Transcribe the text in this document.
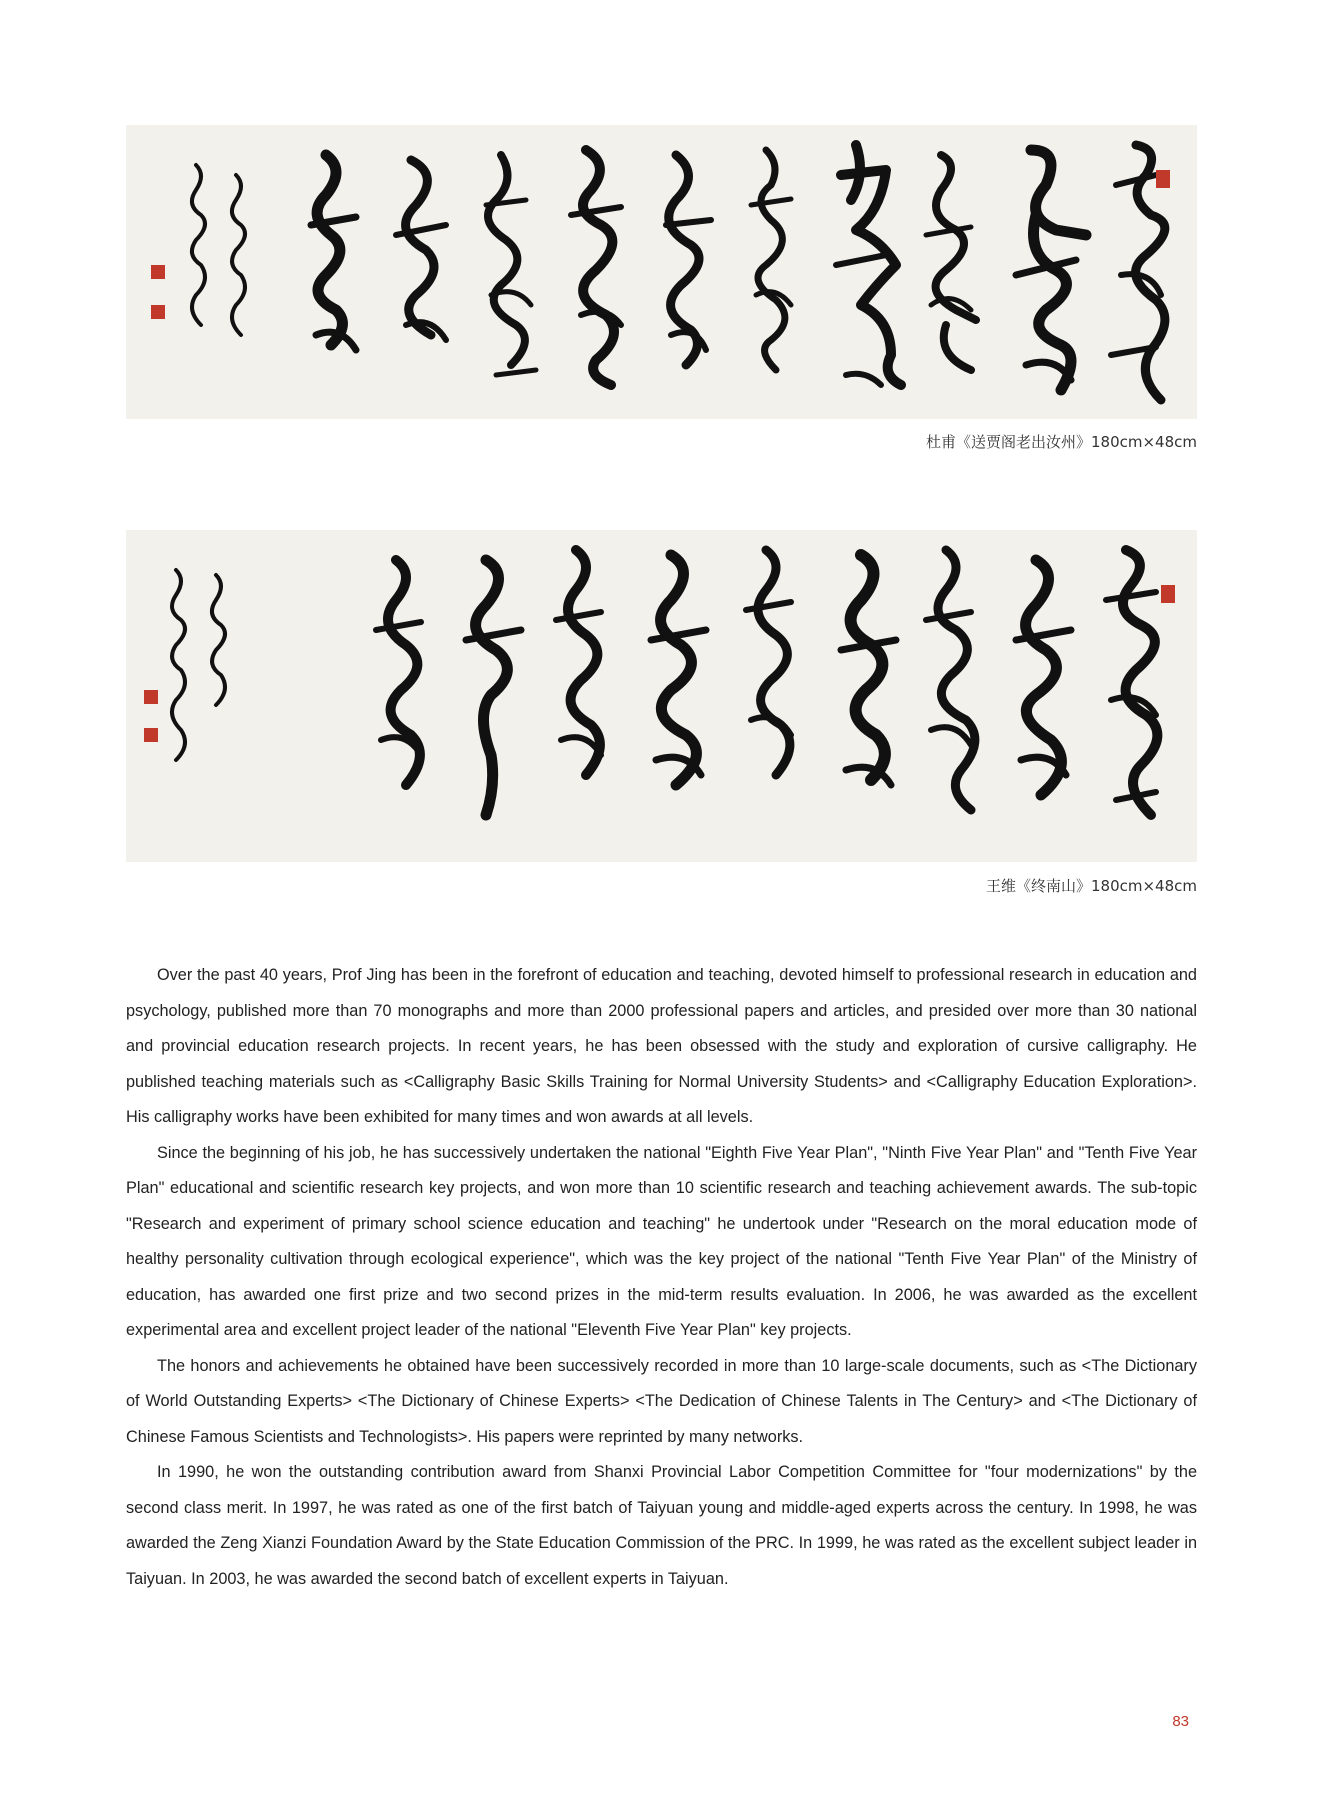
杜甫《送贾阁老出汝州》180cm×48cm
王维《终南山》180cm×48cm

Over the past 40 years, Prof Jing has been in the forefront of education and teaching, devoted himself to professional research in education and psychology, published more than 70 monographs and more than 2000 professional papers and articles, and presided over more than 30 national and provincial education research projects. In recent years, he has been obsessed with the study and exploration of cursive calligraphy. He published teaching materials such as <Calligraphy Basic Skills Training for Normal University Students> and <Calligraphy Education Exploration>. His calligraphy works have been exhibited for many times and won awards at all levels.

Since the beginning of his job, he has successively undertaken the national "Eighth Five Year Plan", "Ninth Five Year Plan" and "Tenth Five Year Plan" educational and scientific research key projects, and won more than 10 scientific research and teaching achievement awards. The sub-topic "Research and experiment of primary school science education and teaching" he undertook under "Research on the moral education mode of healthy personality cultivation through ecological experience", which was the key project of the national "Tenth Five Year Plan" of the Ministry of education, has awarded one first prize and two second prizes in the mid-term results evaluation. In 2006, he was awarded as the excellent experimental area and excellent project leader of the national "Eleventh Five Year Plan" key projects.

The honors and achievements he obtained have been successively recorded in more than 10 large-scale documents, such as <The Dictionary of World Outstanding Experts> <The Dictionary of Chinese Experts> <The Dedication of Chinese Talents in The Century> and <The Dictionary of Chinese Famous Scientists and Technologists>. His papers were reprinted by many networks.

In 1990, he won the outstanding contribution award from Shanxi Provincial Labor Competition Committee for "four modernizations" by the second class merit. In 1997, he was rated as one of the first batch of Taiyuan young and middle-aged experts across the century. In 1998, he was awarded the Zeng Xianzi Foundation Award by the State Education Commission of the PRC. In 1999, he was rated as the excellent subject leader in Taiyuan. In 2003, he was awarded the second batch of excellent experts in Taiyuan.

83
